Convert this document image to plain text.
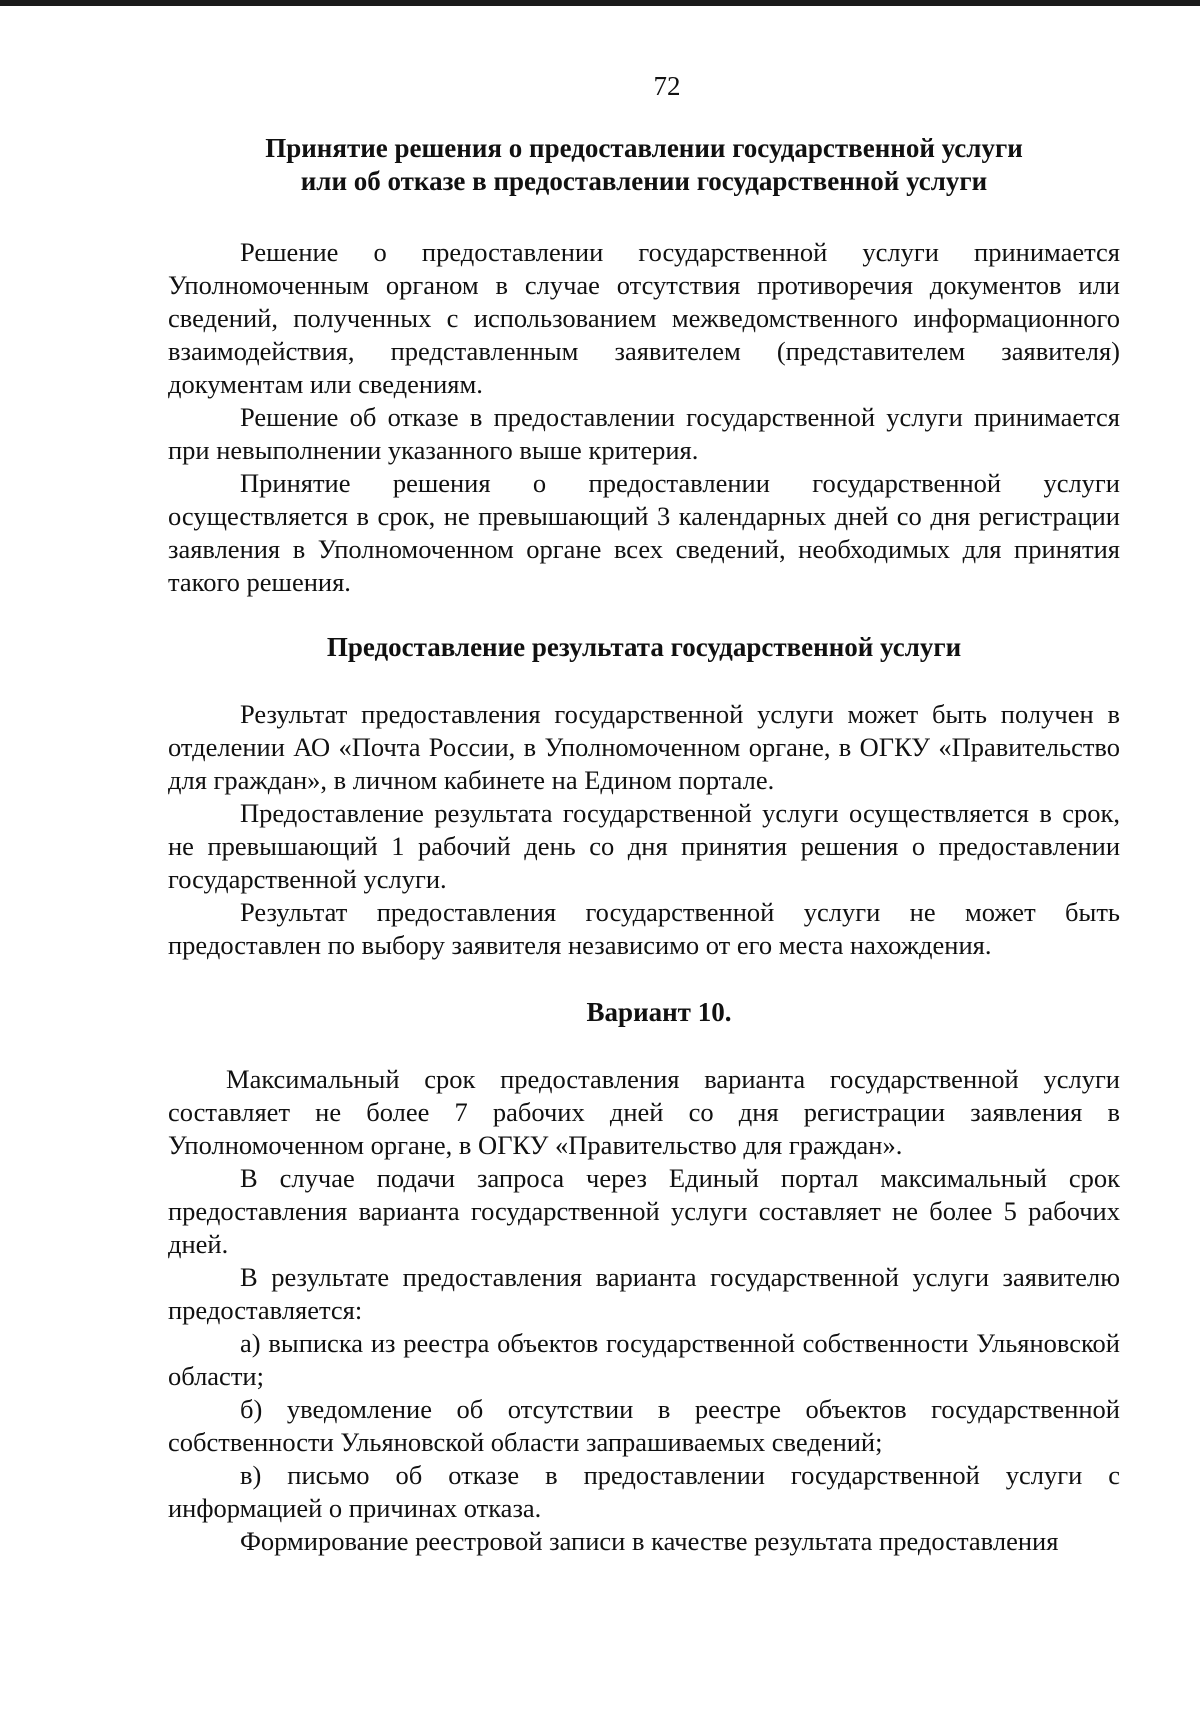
72
Принятие решения о предоставлении государственной услуги
или об отказе в предоставлении государственной услуги

Решение о предоставлении государственной услуги принимается Уполномоченным органом в случае отсутствия противоречия документов или сведений, полученных с использованием межведомственного информационного взаимодействия, представленным заявителем (представителем заявителя) документам или сведениям.

Решение об отказе в предоставлении государственной услуги принимается при невыполнении указанного выше критерия.

Принятие решения о предоставлении государственной услуги осуществляется в срок, не превышающий 3 календарных дней со дня регистрации заявления в Уполномоченном органе всех сведений, необходимых для принятия такого решения.

Предоставление результата государственной услуги

Результат предоставления государственной услуги может быть получен в отделении АО «Почта России, в Уполномоченном органе, в ОГКУ «Правительство для граждан», в личном кабинете на Едином портале.

Предоставление результата государственной услуги осуществляется в срок, не превышающий 1 рабочий день со дня принятия решения о предоставлении государственной услуги.

Результат предоставления государственной услуги не может быть предоставлен по выбору заявителя независимо от его места нахождения.

Вариант 10.

Максимальный срок предоставления варианта государственной услуги составляет не более 7 рабочих дней со дня регистрации заявления в Уполномоченном органе, в ОГКУ «Правительство для граждан».

В случае подачи запроса через Единый портал максимальный срок предоставления варианта государственной услуги составляет не более 5 рабочих дней.

В результате предоставления варианта государственной услуги заявителю предоставляется:

а) выписка из реестра объектов государственной собственности Ульяновской области;

б) уведомление об отсутствии в реестре объектов государственной собственности Ульяновской области запрашиваемых сведений;

в) письмо об отказе в предоставлении государственной услуги с информацией о причинах отказа.

Формирование реестровой записи в качестве результата предоставления
